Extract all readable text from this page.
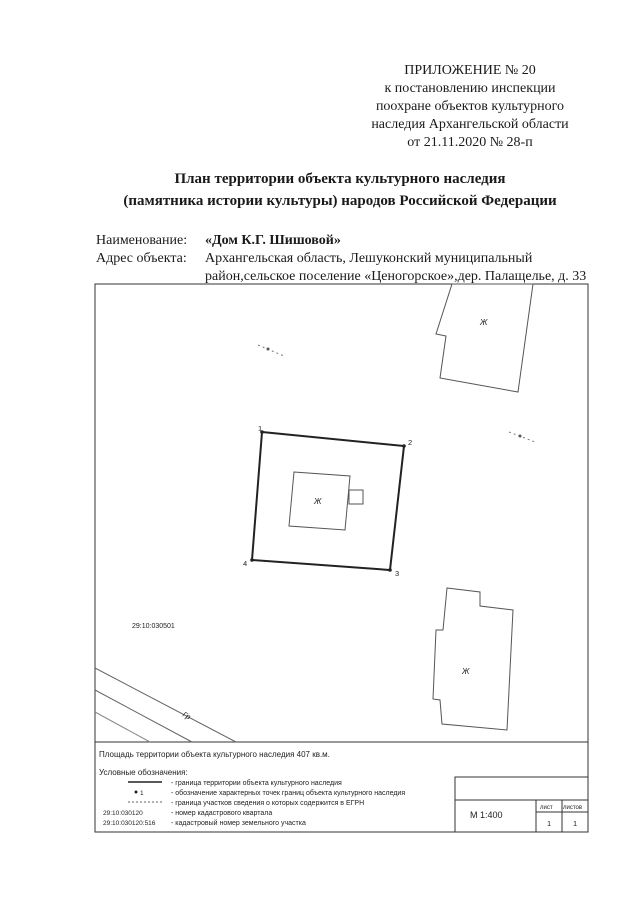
ПРИЛОЖЕНИЕ № 20
к постановлению инспекции
поохране объектов культурного
наследия Архангельской области
от 21.11.2020 № 28-п
План территории объекта культурного наследия
(памятника истории культуры) народов Российской Федерации
Наименование: «Дом К.Г. Шишовой»
Адрес объекта: Архангельская область, Лешуконский муниципальный
район,сельское поселение «Ценогорское»,дер. Палащелье, д. 33
1
2
3
4
Ж
Ж
Ж
29:10:030501
Гр
Площадь территории объекта культурного наследия 407 кв.м.
Условные обозначения:
- граница территории объекта культурного наследия
- обозначение характерных точек границ объекта культурного наследия
- граница участков сведения о которых содержится в ЕГРН
- номер кадастрового квартала
- кадастровый номер земельного участка
1
29:10:030120
29:10:030120:516
М 1:400
лист листов
1	1
